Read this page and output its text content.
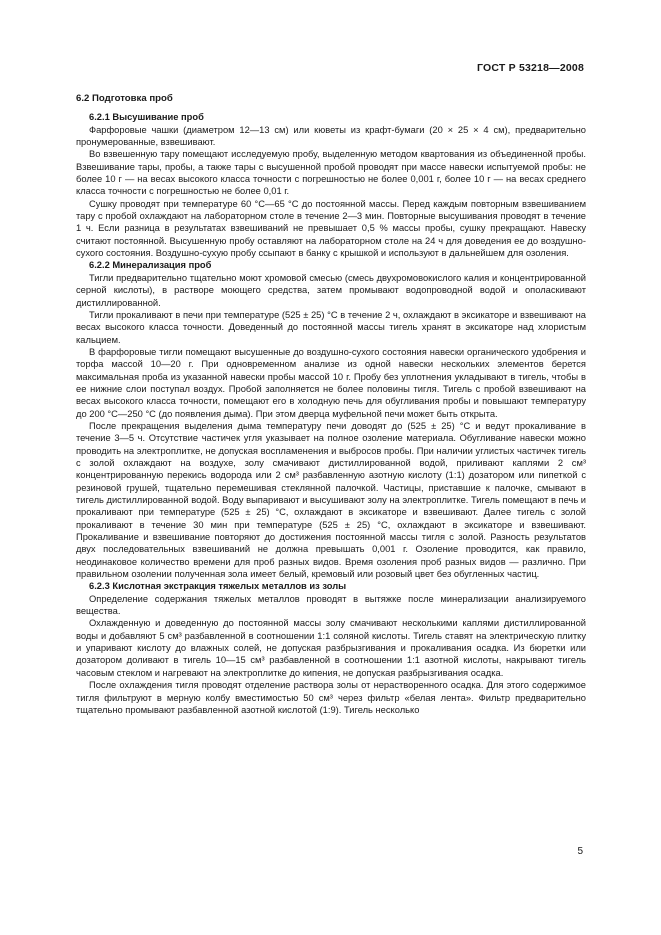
ГОСТ Р 53218—2008

6.2 Подготовка проб

6.2.1 Высушивание проб

Фарфоровые чашки (диаметром 12—13 см) или кюветы из крафт-бумаги (20 × 25 × 4 см), предварительно пронумерованные, взвешивают.

Во взвешенную тару помещают исследуемую пробу, выделенную методом квартования из объединенной пробы. Взвешивание тары, пробы, а также тары с высушенной пробой проводят при массе навески испытуемой пробы: не более 10 г — на весах высокого класса точности с погрешностью не более 0,001 г, более 10 г — на весах среднего класса точности с погрешностью не более 0,01 г.

Сушку проводят при температуре 60 °С—65 °С до постоянной массы. Перед каждым повторным взвешиванием тару с пробой охлаждают на лабораторном столе в течение 2—3 мин. Повторные высушивания проводят в течение 1 ч. Если разница в результатах взвешиваний не превышает 0,5 % массы пробы, сушку прекращают. Навеску считают постоянной. Высушенную пробу оставляют на лабораторном столе на 24 ч для доведения ее до воздушно-сухого состояния. Воздушно-сухую пробу ссыпают в банку с крышкой и используют в дальнейшем для озоления.

6.2.2 Минерализация проб

Тигли предварительно тщательно моют хромовой смесью (смесь двухромовокислого калия и концентрированной серной кислоты), в растворе моющего средства, затем промывают водопроводной водой и ополаскивают дистиллированной.

Тигли прокаливают в печи при температуре (525 ± 25) °С в течение 2 ч, охлаждают в эксикаторе и взвешивают на весах высокого класса точности. Доведенный до постоянной массы тигель хранят в эксикаторе над хлористым кальцием.

В фарфоровые тигли помещают высушенные до воздушно-сухого состояния навески органического удобрения и торфа массой 10—20 г. При одновременном анализе из одной навески нескольких элементов берется максимальная проба из указанной навески пробы массой 10 г. Пробу без уплотнения укладывают в тигель, чтобы в ее нижние слои поступал воздух. Пробой заполняется не более половины тигля. Тигель с пробой взвешивают на весах высокого класса точности, помещают его в холодную печь для обугливания пробы и повышают температуру до 200 °С—250 °С (до появления дыма). При этом дверца муфельной печи может быть открыта.

После прекращения выделения дыма температуру печи доводят до (525 ± 25) °С и ведут прокаливание в течение 3—5 ч. Отсутствие частичек угля указывает на полное озоление материала. Обугливание навески можно проводить на электроплитке, не допуская воспламенения и выбросов пробы. При наличии углистых частичек тигель с золой охлаждают на воздухе, золу смачивают дистиллированной водой, приливают каплями 2 см³ концентрированную перекись водорода или 2 см³ разбавленную азотную кислоту (1:1) дозатором или пипеткой с резиновой грушей, тщательно перемешивая стеклянной палочкой. Частицы, приставшие к палочке, смывают в тигель дистиллированной водой. Воду выпаривают и высушивают золу на электроплитке. Тигель помещают в печь и прокаливают при температуре (525 ± 25) °С, охлаждают в эксикаторе и взвешивают. Далее тигель с золой прокаливают в течение 30 мин при температуре (525 ± 25) °С, охлаждают в эксикаторе и взвешивают. Прокаливание и взвешивание повторяют до достижения постоянной массы тигля с золой. Разность результатов двух последовательных взвешиваний не должна превышать 0,001 г. Озоление проводится, как правило, неодинаковое количество времени для проб разных видов. Время озоления проб разных видов — различно. При правильном озолении полученная зола имеет белый, кремовый или розовый цвет без обугленных частиц.

6.2.3 Кислотная экстракция тяжелых металлов из золы

Определение содержания тяжелых металлов проводят в вытяжке после минерализации анализируемого вещества.

Охлажденную и доведенную до постоянной массы золу смачивают несколькими каплями дистиллированной воды и добавляют 5 см³ разбавленной в соотношении 1:1 соляной кислоты. Тигель ставят на электрическую плитку и упаривают кислоту до влажных солей, не допуская разбрызгивания и прокаливания осадка. Из бюретки или дозатором доливают в тигель 10—15 см³ разбавленной в соотношении 1:1 азотной кислоты, накрывают тигель часовым стеклом и нагревают на электроплитке до кипения, не допуская разбрызгивания осадка.

После охлаждения тигля проводят отделение раствора золы от нерастворенного осадка. Для этого содержимое тигля фильтруют в мерную колбу вместимостью 50 см³ через фильтр «белая лента». Фильтр предварительно тщательно промывают разбавленной азотной кислотой (1:9). Тигель несколько

5
